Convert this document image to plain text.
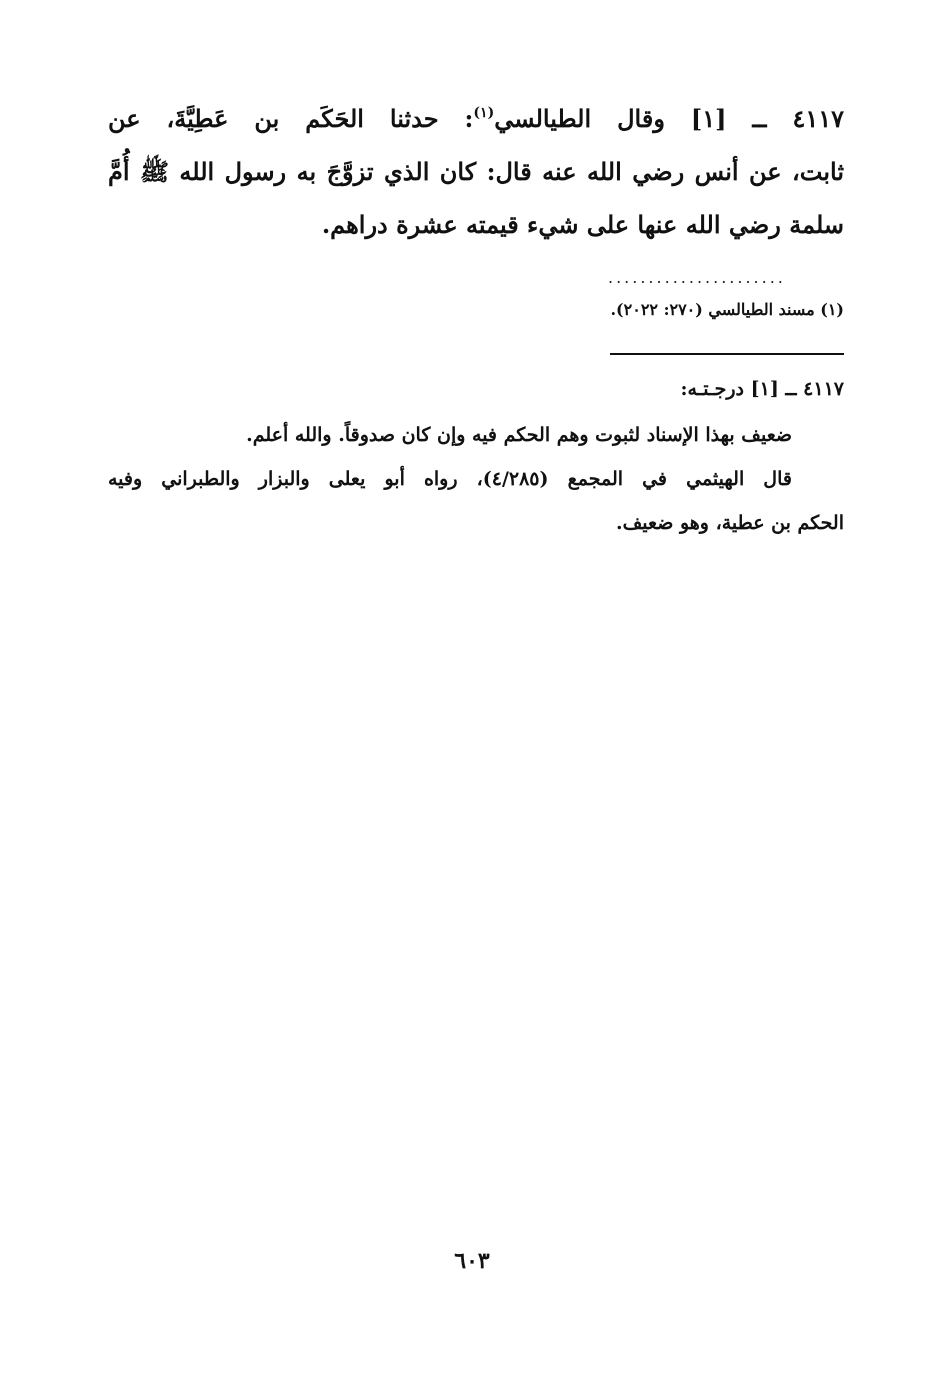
٤١١٧ ــ [١] وقال الطيالسي$^{(١)}$: حدثنا الحَكَم بن عَطِيَّةَ، عن
ثابت، عن أنس رضي الله عنه قال: كان الذي تزوَّجَ به رسول الله ﷺ أُمَّ
سلمة رضي الله عنها على شيء قيمته عشرة دراهم.
......................
(١) مسند الطيالسي (٢٧٠: ٢٠٢٢).
٤١١٧ ــ [١] درجـتـه:
ضعيف بهذا الإسناد لثبوت وهم الحكم فيه وإن كان صدوقاً. والله أعلم.
قال الهيثمي في المجمع (٤/٢٨٥)، رواه أبو يعلى والبزار والطبراني وفيه
الحكم بن عطية، وهو ضعيف.
٦٠٣
